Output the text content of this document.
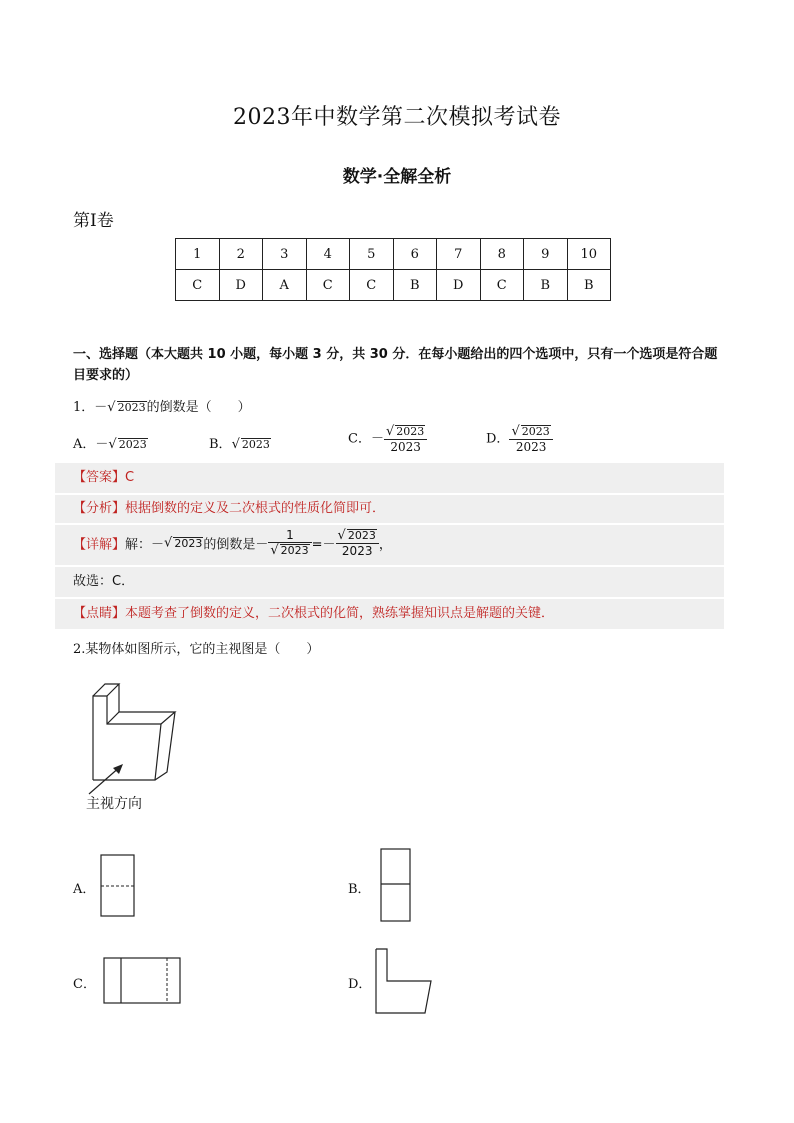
2023年中数学第二次模拟考试卷
数学·全解全析
第Ⅰ卷
1	2	3	4	5	6	7	8	9	10
C	D	A	C	C	B	D	C	B	B
一、选择题（本大题共 10 小题，每小题 3 分，共 30 分．在每小题给出的四个选项中，只有一个选项是符合题目要求的）
1．－√ 2023的倒数是（　　）
A．－√ 2023	B．√ 2023	C．－ $\frac{√ 2023}{2023}$	D． $\frac{√ 2023}{2023}$
【答案】C
【分析】根据倒数的定义及二次根式的性质化简即可．
【详解】解：－√ 2023的倒数是－ $\frac{1}{√ 2023} =- \frac{√ 2023}{2023}$ ，
故选：C．
【点睛】本题考查了倒数的定义，二次根式的化简，熟练掌握知识点是解题的关键．
2.某物体如图所示，它的主视图是（　　）
主视方向
A．	B．
C．	D．
